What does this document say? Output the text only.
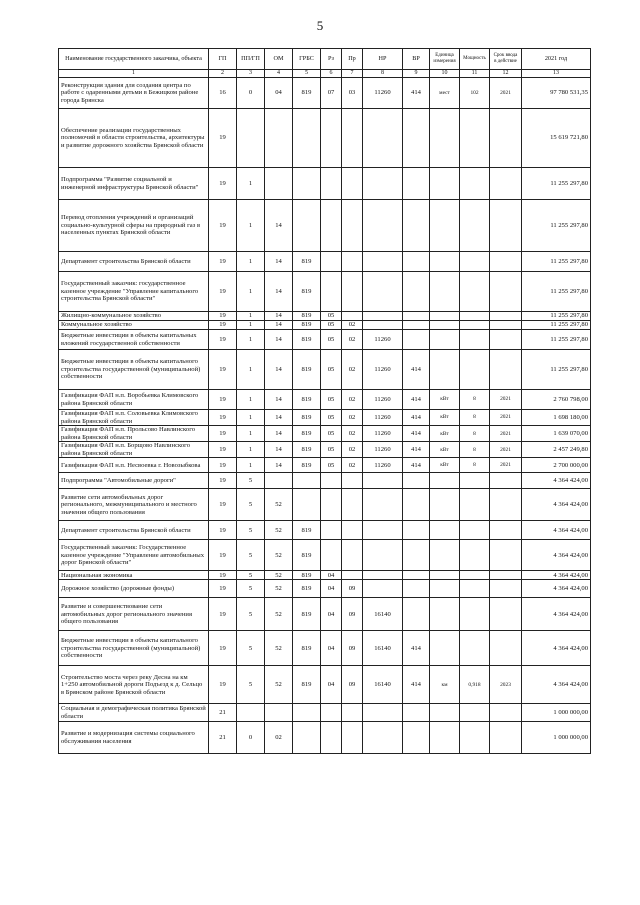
5
Наименование государственного заказчика, объекта	ГП	ПП/ГП	ОМ	ГРБС	Рз	Пр	НР	ВР	Единица измерения	Мощность	Срок ввода в действие	2021 год
1	2	3	4	5	6	7	8	9	10	11	12	13
Реконструкция здания для создания центра по работе с одаренными детьми в Бежицком районе города Брянска	16	0	04	819	07	03	11260	414	мест	102	2021	97 780 531,35
Обеспечение реализации государственных полномочий в области строительства, архитектуры и развитие дорожного хозяйства Брянской области	19											15 619 721,80
Подпрограмма "Развитие социальной и инженерной инфраструктуры Брянской области"	19	1										11 255 297,80
Перевод отопления учреждений и организаций социально-культурной сферы на природный газ в населенных пунктах Брянской области	19	1	14									11 255 297,80
Департамент строительства Брянской области	19	1	14	819								11 255 297,80
Государственный заказчик: государственное казенное учреждение "Управление капитального строительства Брянской области"	19	1	14	819								11 255 297,80
Жилищно-коммунальное хозяйство	19	1	14	819	05							11 255 297,80
Коммунальное хозяйство	19	1	14	819	05	02						11 255 297,80
Бюджетные инвестиции в объекты капитальных вложений государственной собственности	19	1	14	819	05	02	11260					11 255 297,80
Бюджетные инвестиции в объекты капитального строительства государственной (муниципальной) собственности	19	1	14	819	05	02	11260	414				11 255 297,80
Газификация ФАП н.п. Воробьевка Климовского района Брянской области	19	1	14	819	05	02	11260	414	кВт	8	2021	2 760 798,00
Газификация ФАП н.п. Соловьевка Климовского района Брянской области	19	1	14	819	05	02	11260	414	кВт	8	2021	1 698 180,00
Газификация ФАП н.п. Прольсово Навлинского района Брянской области	19	1	14	819	05	02	11260	414	кВт	8	2021	1 639 070,00
Газификация ФАП н.п. Борщово Навлинского района Брянской области	19	1	14	819	05	02	11260	414	кВт	8	2021	2 457 249,80
Газификация ФАП н.п. Несвоевка г. Новозыбкова	19	1	14	819	05	02	11260	414	кВт	8	2021	2 700 000,00
Подпрограмма "Автомобильные дороги"	19	5										4 364 424,00
Развитие сети автомобильных дорог регионального, межмуниципального и местного значения общего пользования	19	5	52									4 364 424,00
Департамент строительства Брянской области	19	5	52	819								4 364 424,00
Государственный заказчик: Государственное казенное учреждение "Управление автомобильных дорог Брянской области"	19	5	52	819								4 364 424,00
Национальная экономика	19	5	52	819	04							4 364 424,00
Дорожное хозяйство (дорожные фонды)	19	5	52	819	04	09						4 364 424,00
Развитие и совершенствование сети автомобильных дорог регионального значения общего пользования	19	5	52	819	04	09	16140					4 364 424,00
Бюджетные инвестиции в объекты капитального строительства государственной (муниципальной) собственности	19	5	52	819	04	09	16140	414				4 364 424,00
Строительство моста через реку Десна на км 1+250 автомобильной дороги Подъезд к д. Сельцо в Брянском районе Брянской области	19	5	52	819	04	09	16140	414	км	0,918	2023	4 364 424,00
Социальная и демографическая политика Брянской области	21											1 000 000,00
Развитие и модернизация системы социального обслуживания населения	21	0	02									1 000 000,00
